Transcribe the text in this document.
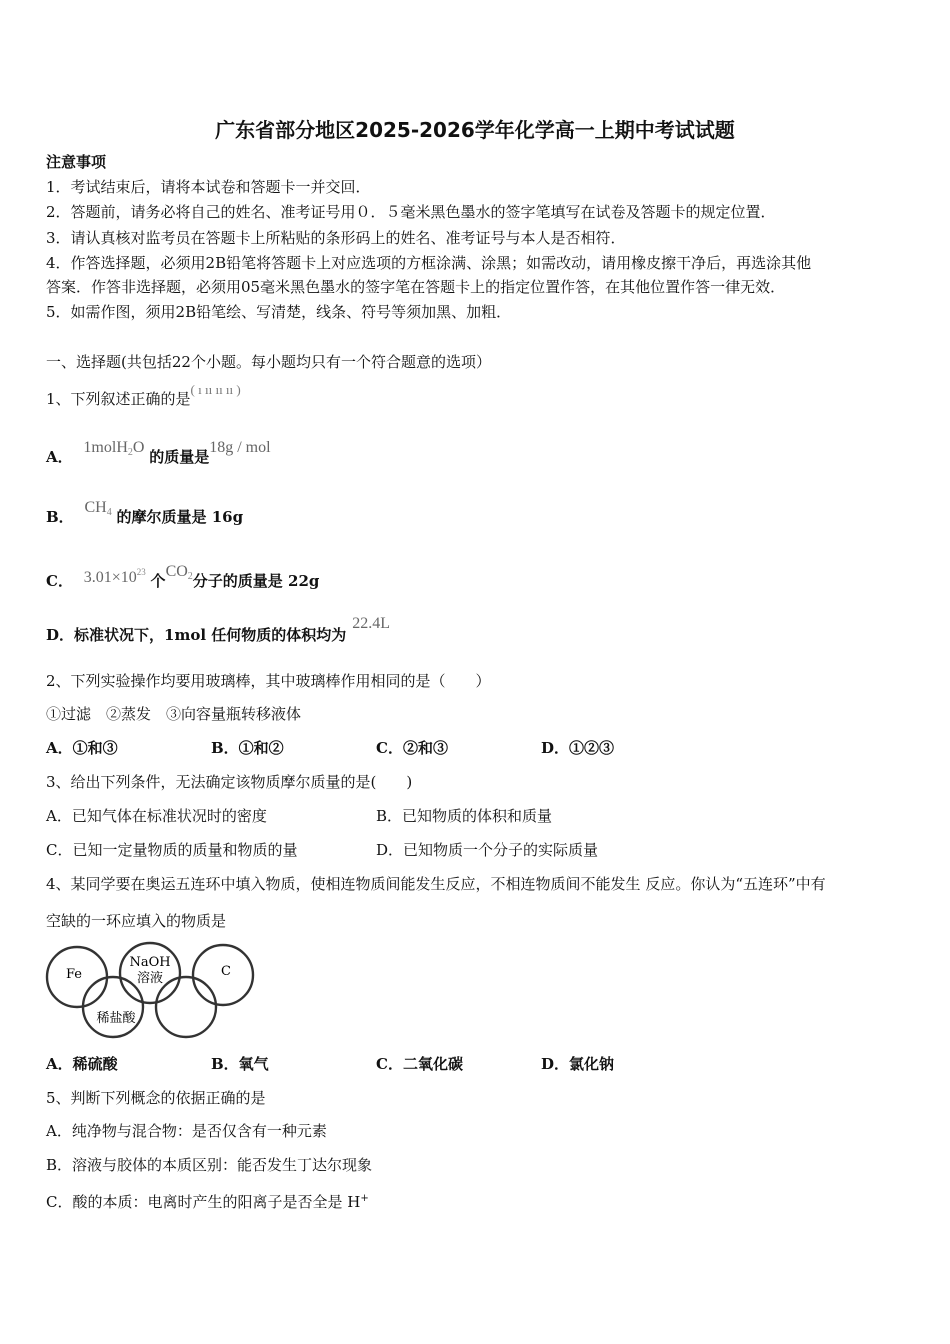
广东省部分地区2025-2026学年化学高一上期中考试试题
注意事项
1．考试结束后，请将本试卷和答题卡一并交回．
2．答题前，请务必将自己的姓名、准考证号用０．５毫米黑色墨水的签字笔填写在试卷及答题卡的规定位置．
3．请认真核对监考员在答题卡上所粘贴的条形码上的姓名、准考证号与本人是否相符．
4．作答选择题，必须用2B铅笔将答题卡上对应选项的方框涂满、涂黑；如需改动，请用橡皮擦干净后，再选涂其他
答案．作答非选择题，必须用05毫米黑色墨水的签字笔在答题卡上的指定位置作答，在其他位置作答一律无效．
5．如需作图，须用2B铅笔绘、写清楚，线条、符号等须加黑、加粗．
一、选择题(共包括22个小题。每小题均只有一个符合题意的选项）
1、下列叙述正确的是( ı ıı ıı ıı )
A． 1molH$_2$O 的质量是18g / mol
B． $CH_4$ 的摩尔质量是 16g
C． $3.01\times 10^{23}$ 个$CO_2$分子的质量是 22g
D．标准状况下，1mol 任何物质的体积均为22.4L
2、下列实验操作均要用玻璃棒，其中玻璃棒作用相同的是（　　）
①过滤　②蒸发　③向容量瓶转移液体
A．①和③	B．①和②	C．②和③	D．①②③
3、给出下列条件，无法确定该物质摩尔质量的是(　　)
A．已知气体在标准状况时的密度	B．已知物质的体积和质量
C．已知一定量物质的质量和物质的量	D．已知物质一个分子的实际质量
4、某同学要在奥运五连环中填入物质，使相连物质间能发生反应，不相连物质间不能发生 反应。你认为“五连环”中有
空缺的一环应填入的物质是
Fe
NaOH
溶液	C
稀盐酸
A．稀硫酸	B．氧气	C．二氧化碳	D．氯化钠
5、判断下列概念的依据正确的是
A．纯净物与混合物：是否仅含有一种元素
B．溶液与胶体的本质区别：能否发生丁达尔现象
C．酸的本质：电离时产生的阳离子是否全是 H+
